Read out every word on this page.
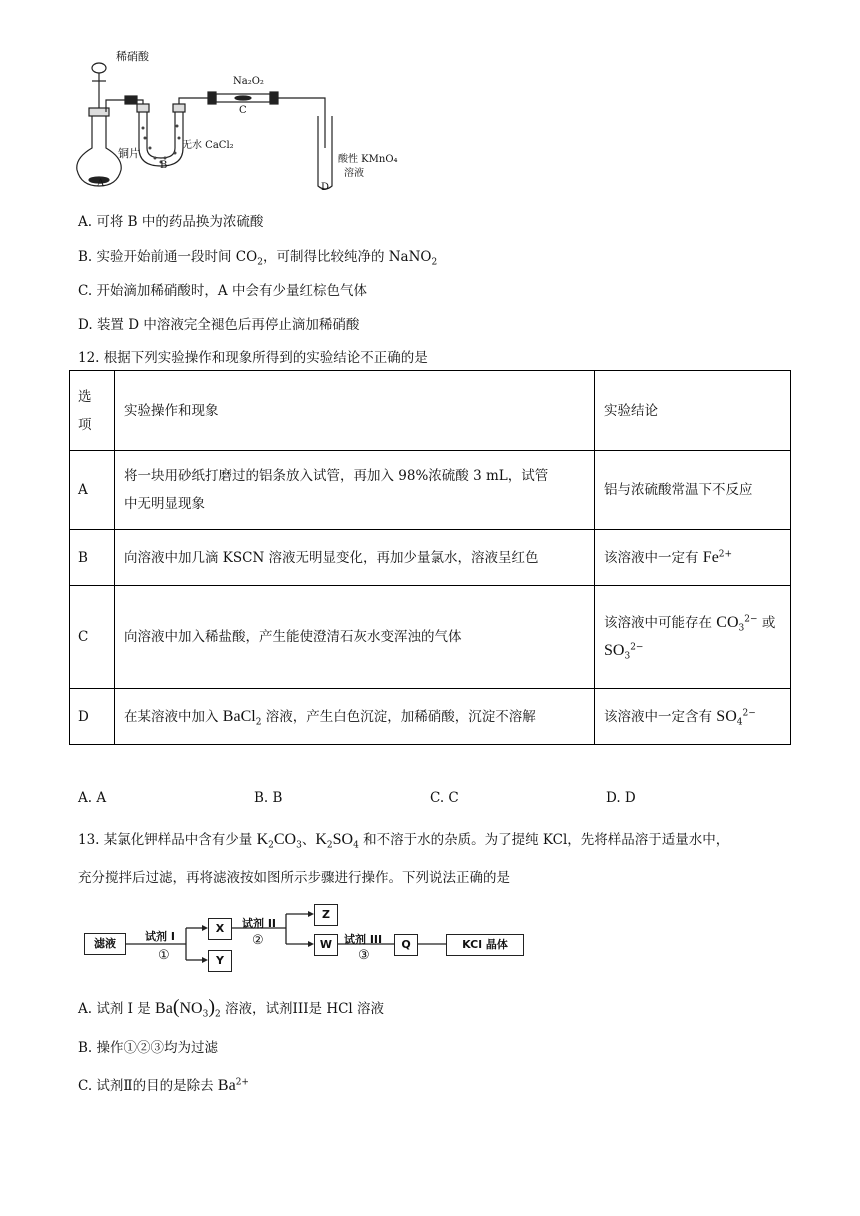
稀硝酸
Na₂O₂
C
铜片
无水 CaCl₂
A
B
酸性 KMnO₄
溶液
D
A. 可将 B 中的药品换为浓硫酸
B. 实验开始前通一段时间 $CO_2$，可制得比较纯净的 NaNO$_2$
C. 开始滴加稀硝酸时，A 中会有少量红棕色气体
D. 装置 D 中溶液完全褪色后再停止滴加稀硝酸
12. 根据下列实验操作和现象所得到的实验结论不正确的是
选
项	实验操作和现象	实验结论
A	将一块用砂纸打磨过的铝条放入试管，再加入 98%浓硫酸 3 mL，试管
中无明显现象	铝与浓硫酸常温下不反应
B	向溶液中加几滴 KSCN 溶液无明显变化，再加少量氯水，溶液呈红色	该溶液中一定有 $Fe^{2+}$
C	向溶液中加入稀盐酸，产生能使澄清石灰水变浑浊的气体	该溶液中可能存在 $CO_3^{2-}$ 或
$SO_3^{2-}$
D	在某溶液中加入 BaCl$_2$ 溶液，产生白色沉淀，加稀硝酸，沉淀不溶解	该溶液中一定含有 $SO_4^{2-}$
A. A	B. B	C. C	D. D
13. 某氯化钾样品中含有少量 $K_2CO_3$、$K_2SO_4$ 和不溶于水的杂质。为了提纯 KCl，先将样品溶于适量水中，
充分搅拌后过滤，再将滤液按如图所示步骤进行操作。下列说法正确的是
滤液
试剂 I
①
X
Y
试剂 II
②
Z
W	试剂 III
③
Q	KCl 晶体
A. 试剂 I 是 $Ba(NO_3)_2$ 溶液，试剂III是 HCl 溶液
B. 操作①②③均为过滤
C. 试剂Ⅱ的目的是除去 $Ba^{2+}$
